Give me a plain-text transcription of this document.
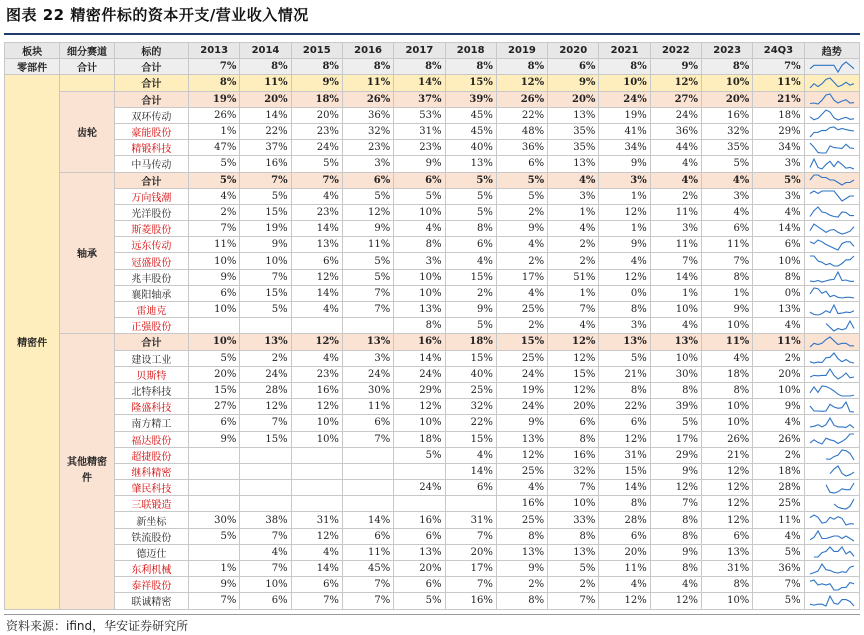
图表 22 精密件标的资本开支/营业收入情况
板块	细分赛道	标的	2013	2014	2015	2016	2017	2018	2019	2020	2021	2022	2023	24Q3	趋势
零部件	合计	合计	7%	8%	8%	8%	8%	8%	8%	6%	8%	9%	8%	7%	

精密件		合计	8%	11%	9%	11%	14%	15%	12%	9%	10%	12%	10%	11%	

	齿轮	合计	19%	20%	18%	26%	37%	39%	26%	20%	24%	27%	20%	21%	

		双环传动	26%	14%	20%	36%	53%	45%	22%	13%	19%	24%	16%	18%	

		豪能股份	1%	22%	23%	32%	31%	45%	48%	35%	41%	36%	32%	29%	

		精锻科技	47%	37%	24%	23%	23%	40%	36%	35%	34%	44%	35%	34%	

		中马传动	5%	16%	5%	3%	9%	13%	6%	13%	9%	4%	5%	3%	

	轴承	合计	5%	7%	7%	6%	6%	5%	5%	4%	3%	4%	4%	5%	

		万向钱潮	4%	5%	4%	5%	5%	5%	5%	3%	1%	2%	3%	3%	

		光洋股份	2%	15%	23%	12%	10%	5%	2%	1%	12%	11%	4%	4%	

		斯菱股份	7%	19%	14%	9%	4%	8%	9%	4%	1%	3%	6%	14%	

		远东传动	11%	9%	13%	11%	8%	6%	4%	2%	9%	11%	11%	6%	

		冠盛股份	10%	10%	6%	5%	3%	4%	2%	2%	4%	7%	7%	10%	

		兆丰股份	9%	7%	12%	5%	10%	15%	17%	51%	12%	14%	8%	8%	

		襄阳轴承	6%	15%	14%	7%	10%	2%	4%	1%	0%	1%	1%	0%	

		雷迪克	10%	5%	4%	7%	13%	9%	25%	7%	8%	10%	9%	13%	

		正强股份					8%	5%	2%	4%	3%	4%	10%	4%	

	其他精密件	合计	10%	13%	12%	13%	16%	18%	15%	12%	13%	13%	11%	11%	

		建设工业	5%	2%	4%	3%	14%	15%	25%	12%	5%	10%	4%	2%	

		贝斯特	20%	24%	23%	24%	24%	40%	24%	15%	21%	30%	18%	20%	

		北特科技	15%	28%	16%	30%	29%	25%	19%	12%	8%	8%	8%	10%	

		隆盛科技	27%	12%	12%	11%	12%	32%	24%	20%	22%	39%	10%	9%	

		南方精工	6%	7%	10%	6%	10%	22%	9%	6%	6%	5%	10%	4%	

		福达股份	9%	15%	10%	7%	18%	15%	13%	8%	12%	17%	26%	26%	

		超捷股份					5%	4%	12%	16%	31%	29%	21%	2%	

		继科精密						14%	25%	32%	15%	9%	12%	18%	

		肇民科技					24%	6%	4%	7%	14%	12%	12%	28%	

		三联锻造							16%	10%	8%	7%	12%	25%	

		新坐标	30%	38%	31%	14%	16%	31%	25%	33%	28%	8%	12%	11%	

		铁流股份	5%	7%	12%	6%	6%	7%	8%	8%	6%	8%	6%	4%	

		德迈仕		4%	4%	11%	13%	20%	13%	13%	20%	9%	13%	5%	

		东利机械	1%	7%	14%	45%	20%	17%	9%	5%	11%	8%	31%	36%	

		泰祥股份	9%	10%	6%	7%	6%	7%	2%	2%	4%	4%	8%	7%	

		联诚精密	7%	6%	7%	7%	5%	16%	8%	7%	12%	12%	10%	5%	
资料来源：ifind，华安证券研究所
